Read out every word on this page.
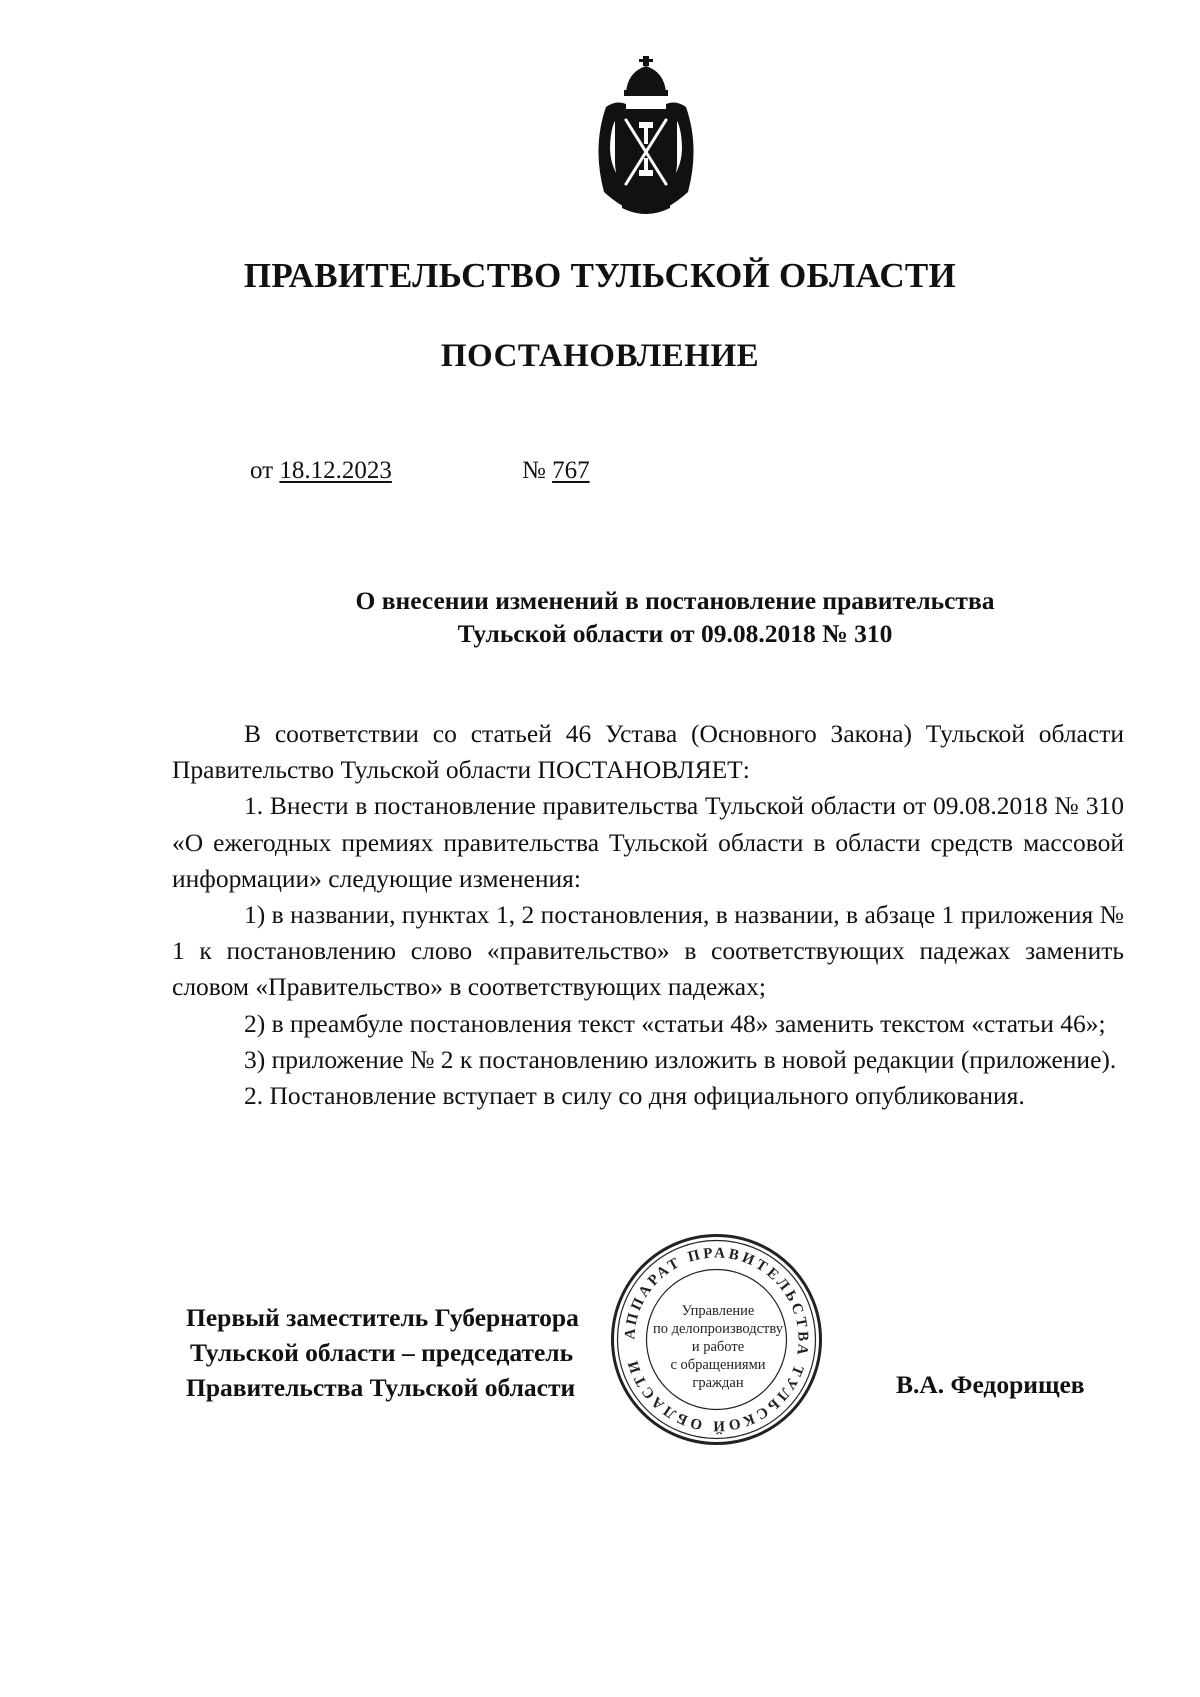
ПРАВИТЕЛЬСТВО ТУЛЬСКОЙ ОБЛАСТИ
ПОСТАНОВЛЕНИЕ
от 18.12.2023	№ 767
О внесении изменений в постановление правительства
Тульской области от 09.08.2018 № 310

В соответствии со статьей 46 Устава (Основного Закона) Тульской области Правительство Тульской области ПОСТАНОВЛЯЕТ:

1. Внести в постановление правительства Тульской области от 09.08.2018 № 310 «О ежегодных премиях правительства Тульской области в области средств массовой информации» следующие изменения:

1) в названии, пунктах 1, 2 постановления, в названии, в абзаце 1 приложения № 1 к постановлению слово «правительство» в соответствующих падежах заменить словом «Правительство» в соответствующих падежах;

2) в преамбуле постановления текст «статьи 48» заменить текстом «статьи 46»;

3) приложение № 2 к постановлению изложить в новой редакции (приложение).

2. Постановление вступает в силу со дня официального опубликования.

АППАРАТ ПРАВИТЕЛЬСТВА ТУЛЬСКОЙ ОБЛАСТИ
Управление
по делопроизводству
и работе
с обращениями
граждан
Первый заместитель Губернатора
Тульской области – председатель
Правительства Тульской области	В.А. Федорищев
